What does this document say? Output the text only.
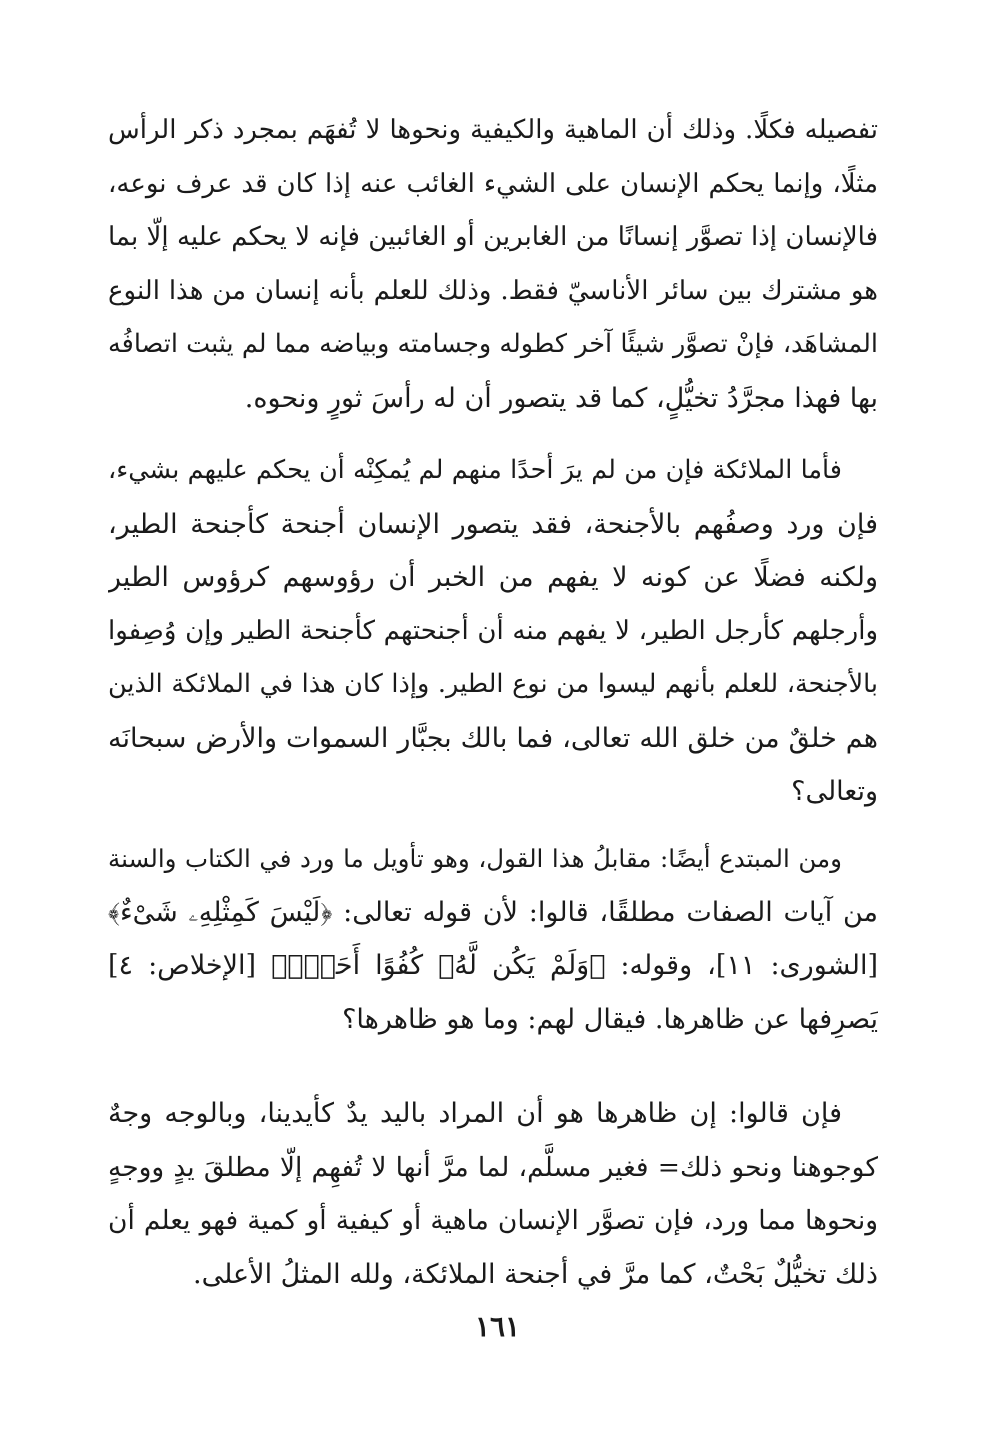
تفصيله فكلًا. وذلك أن الماهية والكيفية ونحوها لا تُفهَم بمجرد ذكر الرأس
مثلًا، وإنما يحكم الإنسان على الشيء الغائب عنه إذا كان قد عرف نوعه،
فالإنسان إذا تصوَّر إنسانًا من الغابرين أو الغائبين فإنه لا يحكم عليه إلّا بما
هو مشترك بين سائر الأناسيّ فقط. وذلك للعلم بأنه إنسان من هذا النوع
المشاهَد، فإنْ تصوَّر شيئًا آخر كطوله وجسامته وبياضه مما لم يثبت اتصافُه
بها فهذا مجرَّدُ تخيُّلٍ، كما قد يتصور أن له رأسَ ثورٍ ونحوه.
فأما الملائكة فإن من لم يرَ أحدًا منهم لم يُمكِنْه أن يحكم عليهم بشيء،
فإن ورد وصفُهم بالأجنحة، فقد يتصور الإنسان أجنحة كأجنحة الطير،
ولكنه فضلًا عن كونه لا يفهم من الخبر أن رؤوسهم كرؤوس الطير
وأرجلهم كأرجل الطير، لا يفهم منه أن أجنحتهم كأجنحة الطير وإن وُصِفوا
بالأجنحة، للعلم بأنهم ليسوا من نوع الطير. وإذا كان هذا في الملائكة الذين
هم خلقٌ من خلق الله تعالى، فما بالك بجبَّار السموات والأرض سبحانَه
وتعالى؟
ومن المبتدع أيضًا: مقابلُ هذا القول، وهو تأويل ما ورد في الكتاب والسنة
من آيات الصفات مطلقًا، قالوا: لأن قوله تعالى: ﴿لَيْسَ كَمِثْلِهِۦ شَىْءٌ﴾
[الشورى: ١١]، وقوله: ﴿وَلَمْ يَكُن لَّهُۥ كُفُوًا أَحَدٌۢ﴾ [الإخلاص: ٤]
يَصرِفها عن ظاهرها. فيقال لهم: وما هو ظاهرها؟
فإن قالوا: إن ظاهرها هو أن المراد باليد يدٌ كأيدينا، وبالوجه وجهٌ
كوجوهنا ونحو ذلك= فغير مسلَّم، لما مرَّ أنها لا تُفهِم إلّا مطلقَ يدٍ ووجهٍ
ونحوها مما ورد، فإن تصوَّر الإنسان ماهية أو كيفية أو كمية فهو يعلم أن
ذلك تخيُّلٌ بَحْتٌ، كما مرَّ في أجنحة الملائكة، ولله المثلُ الأعلى.
١٦١
